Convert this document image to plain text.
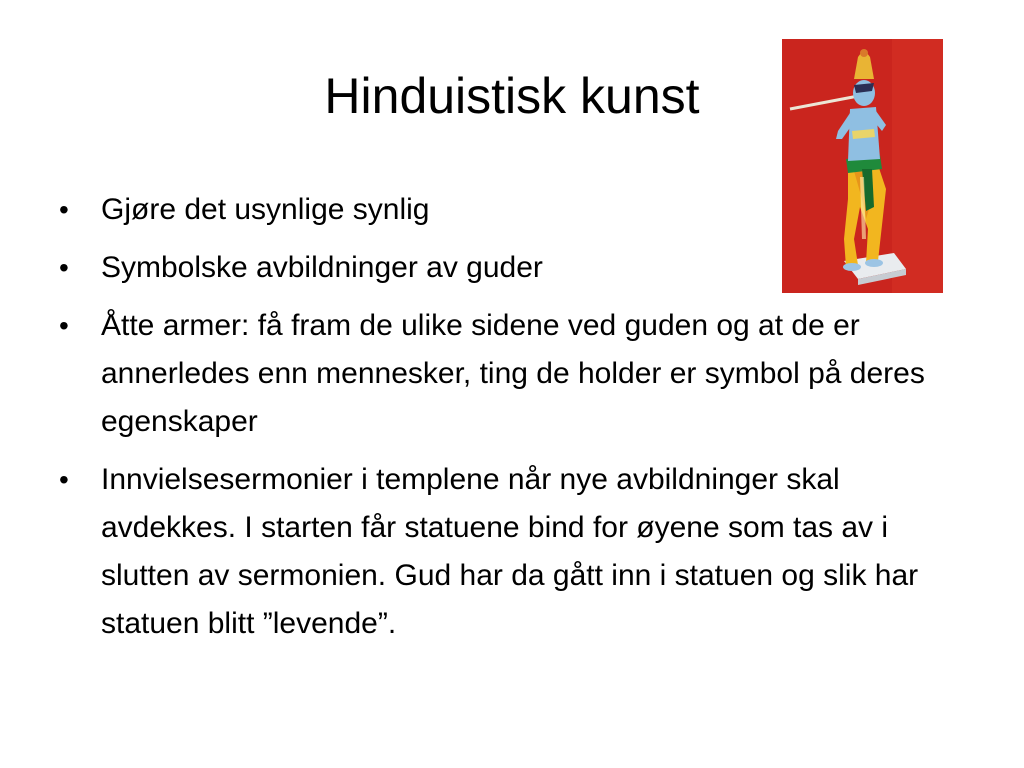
Hinduistisk kunst
• Gjøre det usynlige synlig
• Symbolske avbildninger av guder
• Åtte armer: få fram de ulike sidene ved guden og at de er annerledes enn mennesker, ting de holder er symbol på deres egenskaper
• Innvielsesermonier i templene når nye avbildninger skal avdekkes. I starten får statuene bind for øyene som tas av i slutten av sermonien. Gud har da gått inn i statuen og slik har statuen blitt ”levende”.
